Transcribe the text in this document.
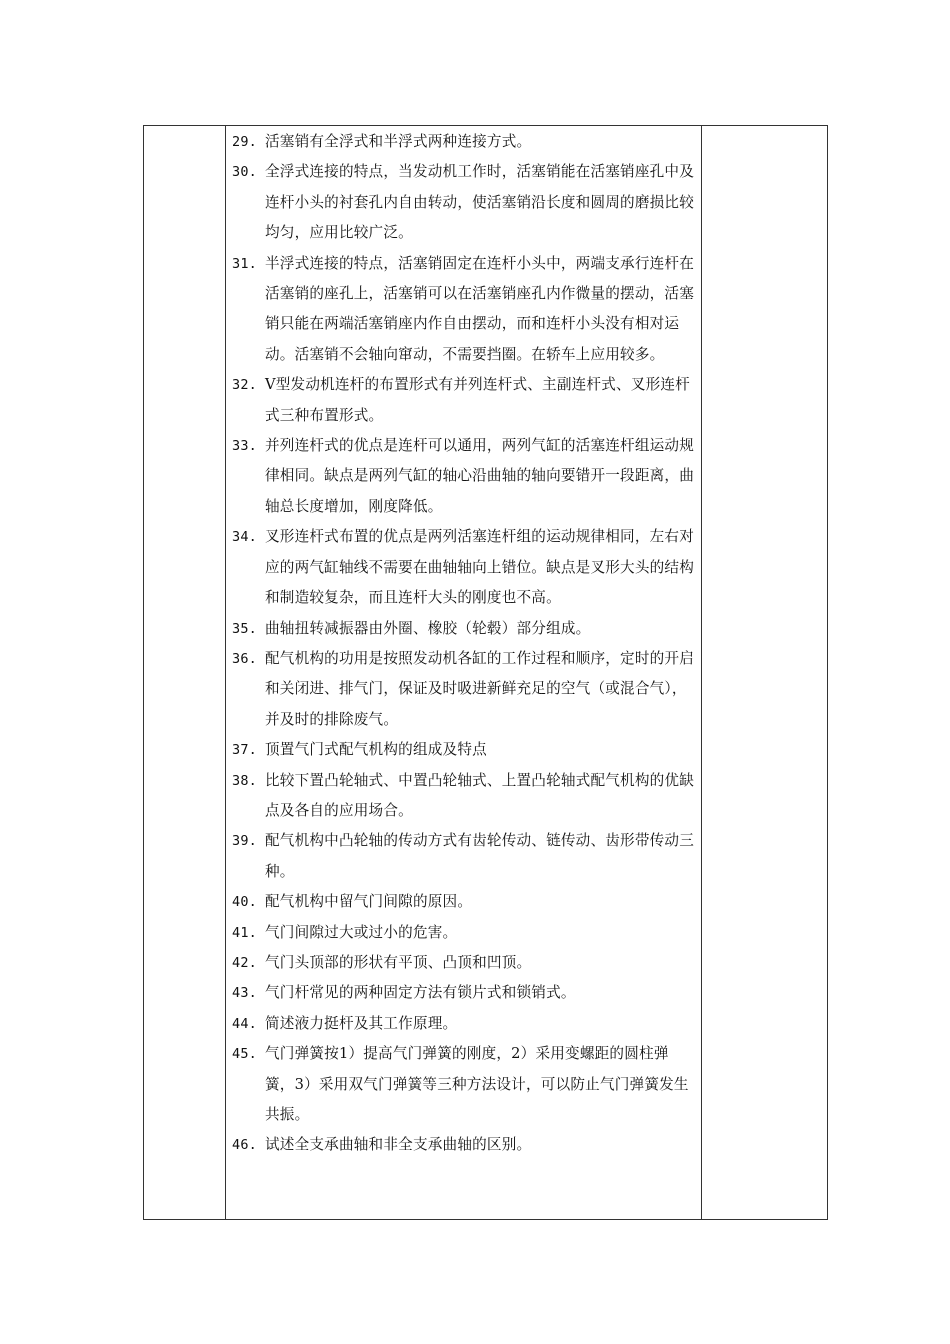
29. 活塞销有全浮式和半浮式两种连接方式。
30. 全浮式连接的特点，当发动机工作时，活塞销能在活塞销座孔中及连杆小头的衬套孔内自由转动，使活塞销沿长度和圆周的磨损比较均匀，应用比较广泛。
31. 半浮式连接的特点，活塞销固定在连杆小头中，两端支承行连杆在活塞销的座孔上，活塞销可以在活塞销座孔内作微量的摆动，活塞销只能在两端活塞销座内作自由摆动，而和连杆小头没有相对运动。活塞销不会轴向窜动，不需要挡圈。在轿车上应用较多。
32. V型发动机连杆的布置形式有并列连杆式、主副连杆式、叉形连杆式三种布置形式。
33. 并列连杆式的优点是连杆可以通用，两列气缸的活塞连杆组运动规律相同。缺点是两列气缸的轴心沿曲轴的轴向要错开一段距离，曲轴总长度增加，刚度降低。
34. 叉形连杆式布置的优点是两列活塞连杆组的运动规律相同，左右对应的两气缸轴线不需要在曲轴轴向上错位。缺点是叉形大头的结构和制造较复杂，而且连杆大头的刚度也不高。
35. 曲轴扭转减振器由外圈、橡胶（轮毂）部分组成。
36. 配气机构的功用是按照发动机各缸的工作过程和顺序，定时的开启和关闭进、排气门，保证及时吸进新鲜充足的空气（或混合气），并及时的排除废气。
37. 顶置气门式配气机构的组成及特点
38. 比较下置凸轮轴式、中置凸轮轴式、上置凸轮轴式配气机构的优缺点及各自的应用场合。
39. 配气机构中凸轮轴的传动方式有齿轮传动、链传动、齿形带传动三种。
40. 配气机构中留气门间隙的原因。
41. 气门间隙过大或过小的危害。
42. 气门头顶部的形状有平顶、凸顶和凹顶。
43. 气门杆常见的两种固定方法有锁片式和锁销式。
44. 简述液力挺杆及其工作原理。
45. 气门弹簧按1）提高气门弹簧的刚度，2）采用变螺距的圆柱弹簧，3）采用双气门弹簧等三种方法设计，可以防止气门弹簧发生共振。
46. 试述全支承曲轴和非全支承曲轴的区别。
